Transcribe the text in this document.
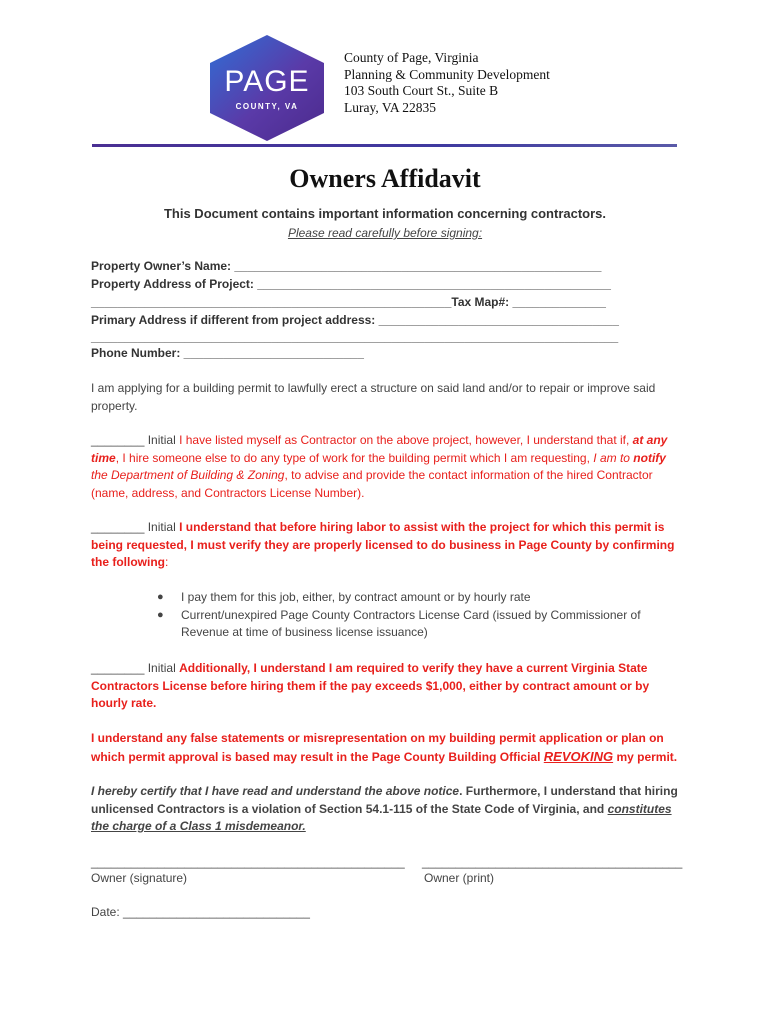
PAGE
COUNTY, VA
County of Page, Virginia
Planning & Community Development
103 South Court St., Suite B
Luray, VA 22835
Owners Affidavit
This Document contains important information concerning contractors.
Please read carefully before signing:
Property Owner’s Name: _______________________________________________________
Property Address of Project: _____________________________________________________
______________________________________________________Tax Map#: ______________
Primary Address if different from project address: ____________________________________
_______________________________________________________________________________
Phone Number: ___________________________
I am applying for a building permit to lawfully erect a structure on said land and/or to repair or improve said property.
________ Initial I have listed myself as Contractor on the above project, however, I understand that if, at any time, I hire someone else to do any type of work for the building permit which I am requesting, I am to notify the Department of Building & Zoning, to advise and provide the contact information of the hired Contractor (name, address, and Contractors License Number).
________ Initial I understand that before hiring labor to assist with the project for which this permit is being requested, I must verify they are properly licensed to do business in Page County by confirming the following:
●	I pay them for this job, either, by contract amount or by hourly rate
●	Current/unexpired Page County Contractors License Card (issued by Commissioner of Revenue at time of business license issuance)
________ Initial Additionally, I understand I am required to verify they have a current Virginia State Contractors License before hiring them if the pay exceeds $1,000, either by contract amount or by hourly rate.
I understand any false statements or misrepresentation on my building permit application or plan on which permit approval is based may result in the Page County Building Official REVOKING my permit.
I hereby certify that I have read and understand the above notice. Furthermore, I understand that hiring unlicensed Contractors is a violation of Section 54.1-115 of the State Code of Virginia, and constitutes the charge of a Class 1 misdemeanor.
_______________________________________________ _______________________________________
Owner (signature)	Owner (print)
Date: ____________________________
